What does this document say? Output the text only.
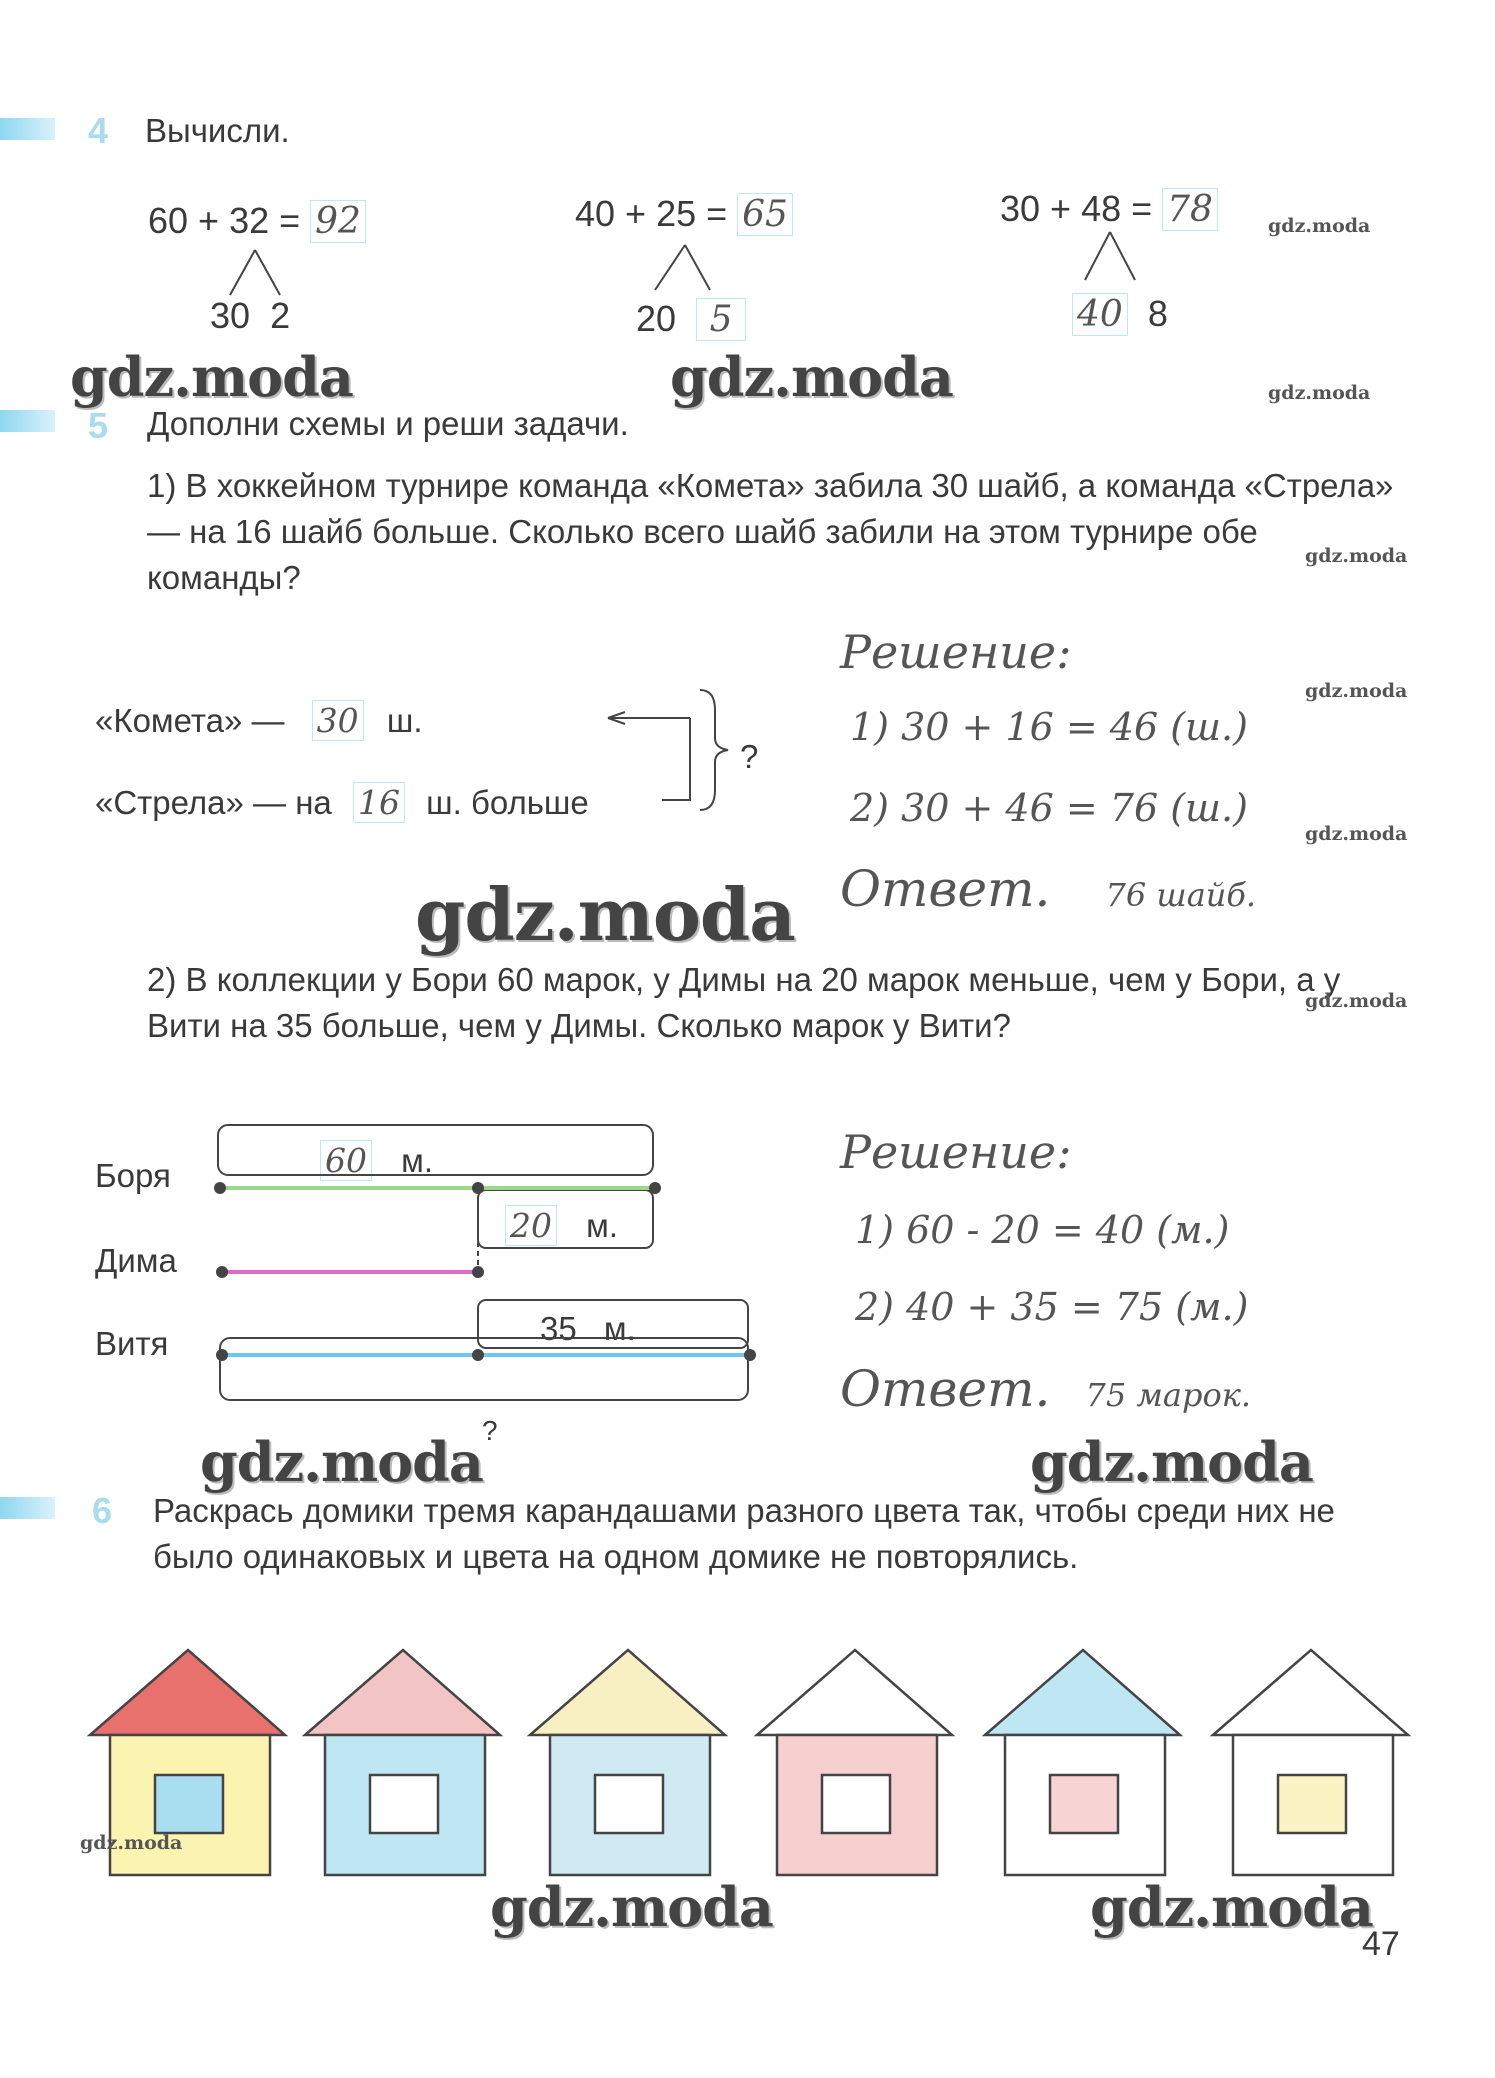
4 Вычисли.
60 + 32 = 92
30 2
40 + 25 = 65
20 5
30 + 48 = 78
40 8
5 Дополни схемы и реши задачи.
1) В хоккейном турнире команда «Комета» забила 30 шайб, а команда «Стрела» — на 16 шайб больше. Сколько всего шайб забили на этом турнире обе команды?
«Комета» — 30 ш.
«Стрела» — на 16 ш. больше
?
Решение:
1) 30 + 16 = 46 (ш.)
2) 30 + 46 = 76 (ш.)
Ответ. 76 шайб.
2) В коллекции у Бори 60 марок, у Димы на 20 марок меньше, чем у Бори, а у Вити на 35 больше, чем у Димы. Сколько марок у Вити?
Боря
Дима
Витя
60 м.
20 м.
35 м.
?
Решение:
1) 60 - 20 = 40 (м.)
2) 40 + 35 = 75 (м.)
Ответ. 75 марок.
6 Раскрась домики тремя карандашами разного цвета так, чтобы среди них не было одинаковых и цвета на одном домике не повторялись.
gdz.moda	gdz.moda
gdz.moda
gdz.moda
gdz.moda
gdz.moda
gdz.moda
gdz.moda
gdz.moda
gdz.moda	gdz.moda
gdz.moda
gdz.moda	gdz.moda
47
